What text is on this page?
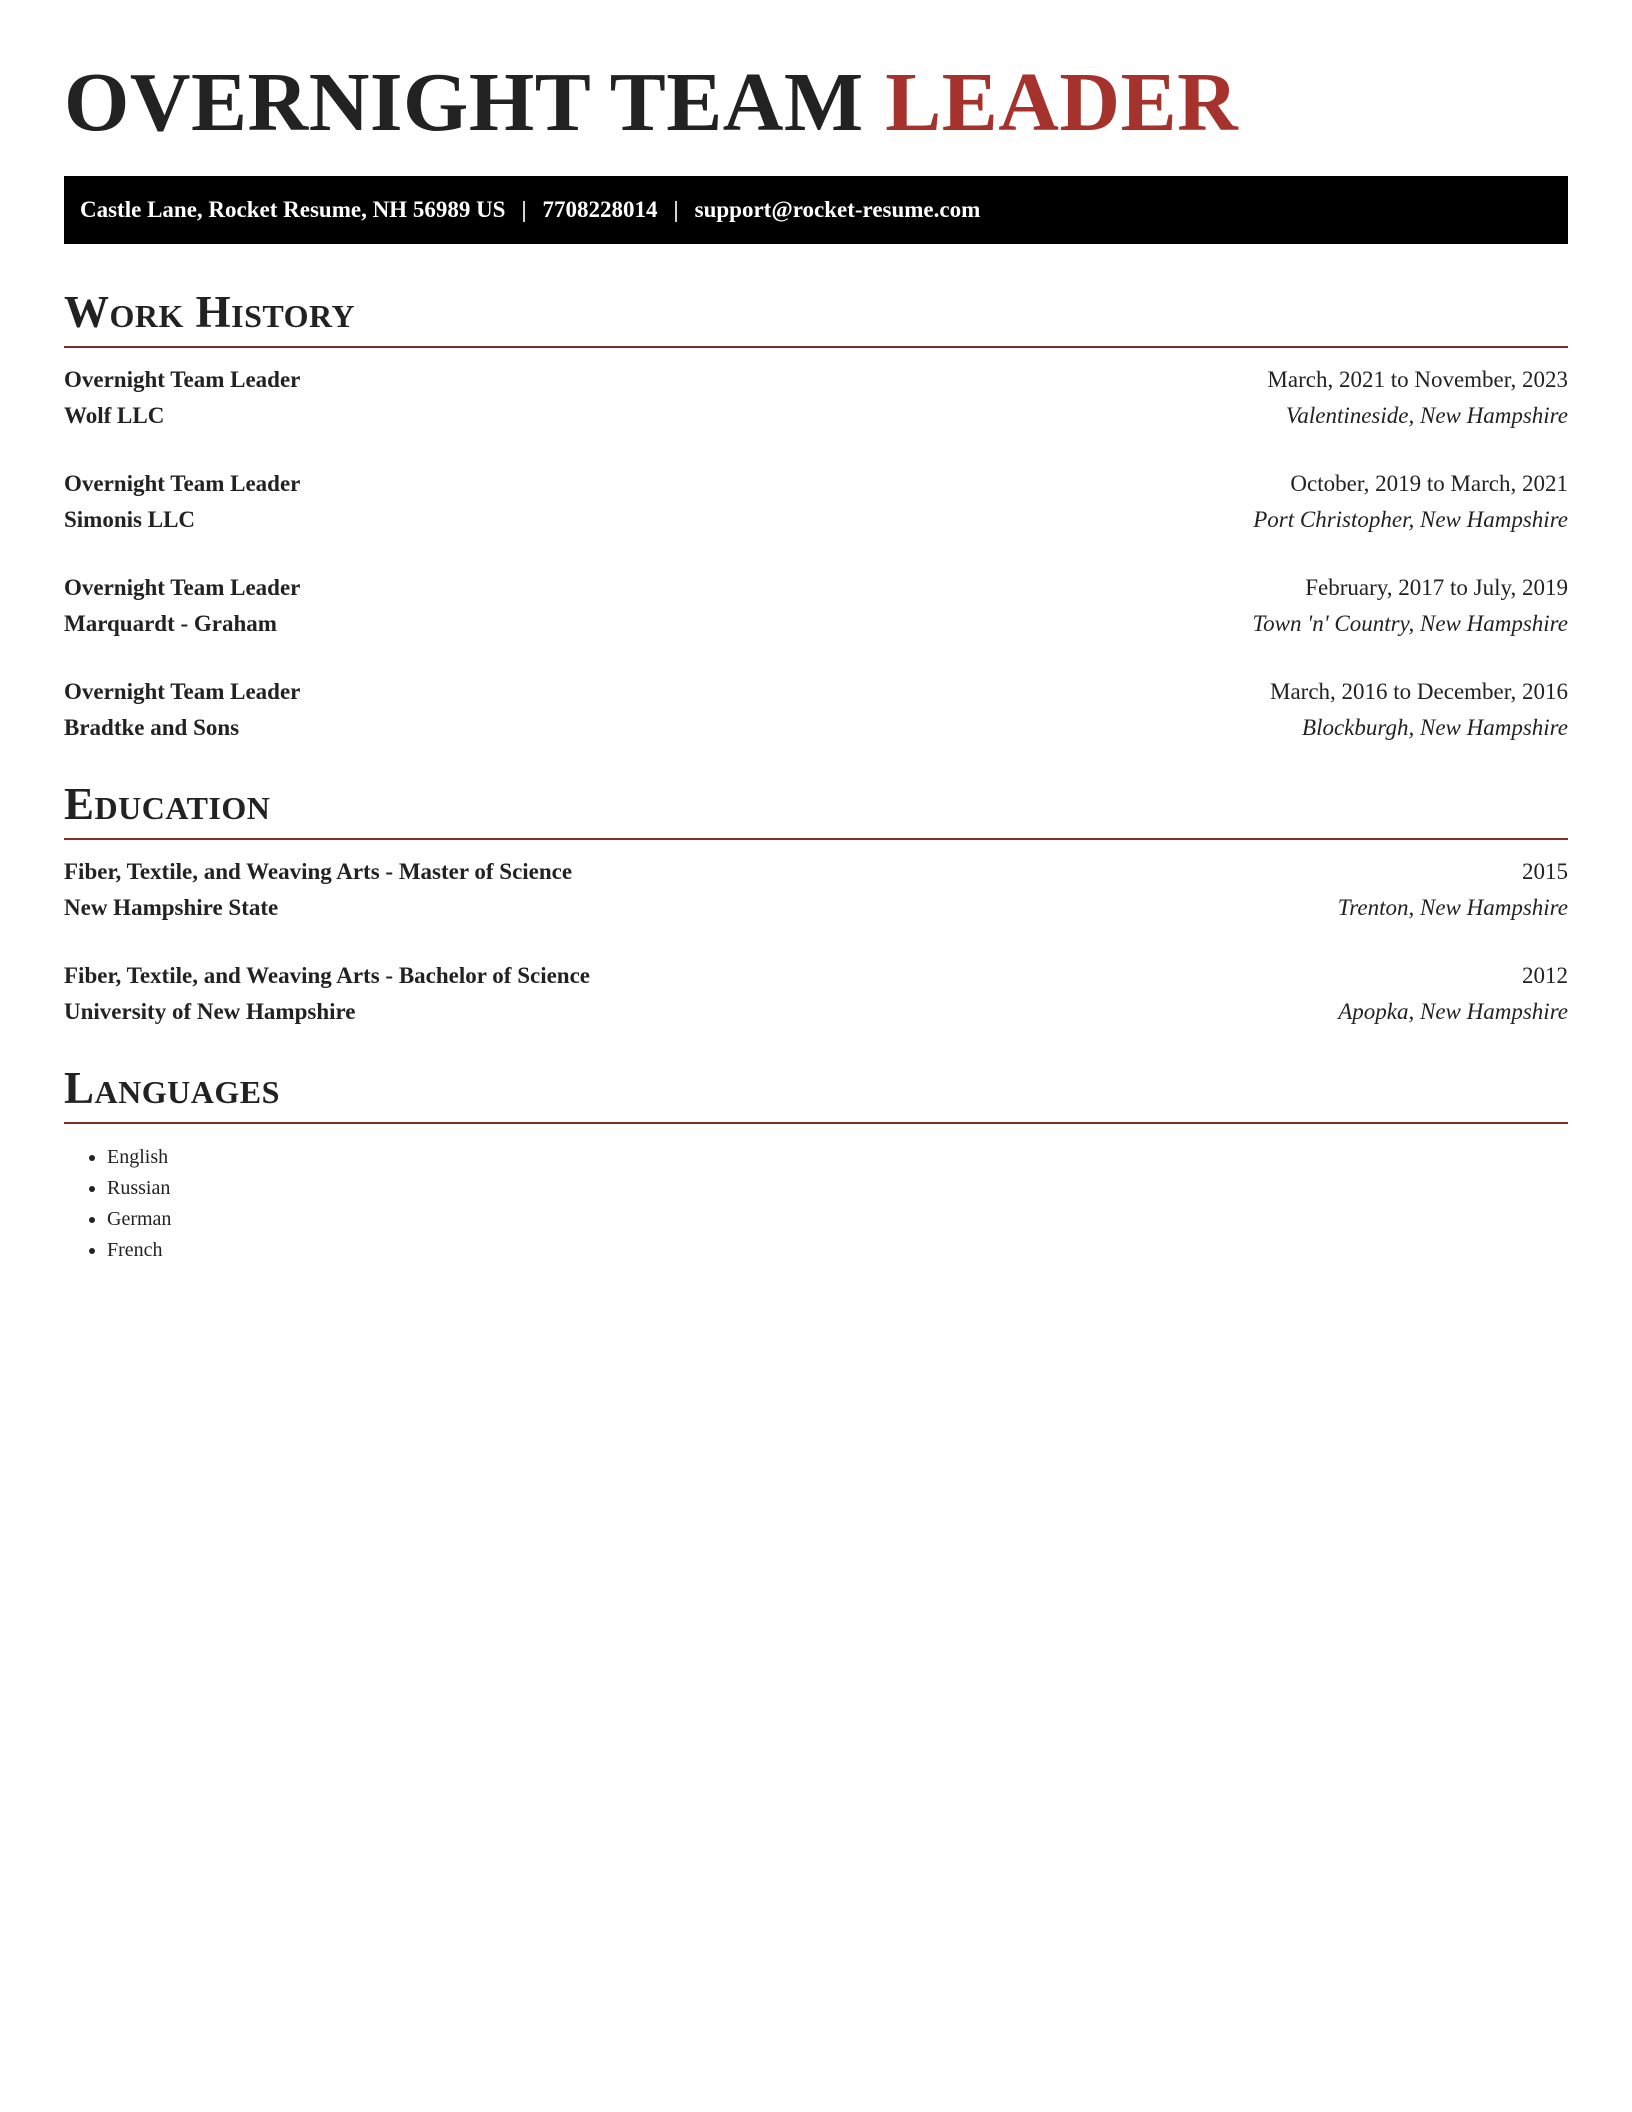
OVERNIGHT TEAM LEADER
Castle Lane, Rocket Resume, NH 56989 US | 7708228014 | support@rocket-resume.com
Work History
Overnight Team Leader	March, 2021 to November, 2023
Wolf LLC	Valentineside, New Hampshire
Overnight Team Leader	October, 2019 to March, 2021
Simonis LLC	Port Christopher, New Hampshire
Overnight Team Leader	February, 2017 to July, 2019
Marquardt - Graham	Town 'n' Country, New Hampshire
Overnight Team Leader	March, 2016 to December, 2016
Bradtke and Sons	Blockburgh, New Hampshire
Education
Fiber, Textile, and Weaving Arts - Master of Science	2015
New Hampshire State	Trenton, New Hampshire
Fiber, Textile, and Weaving Arts - Bachelor of Science	2012
University of New Hampshire	Apopka, New Hampshire
Languages
• English
• Russian
• German
• French
